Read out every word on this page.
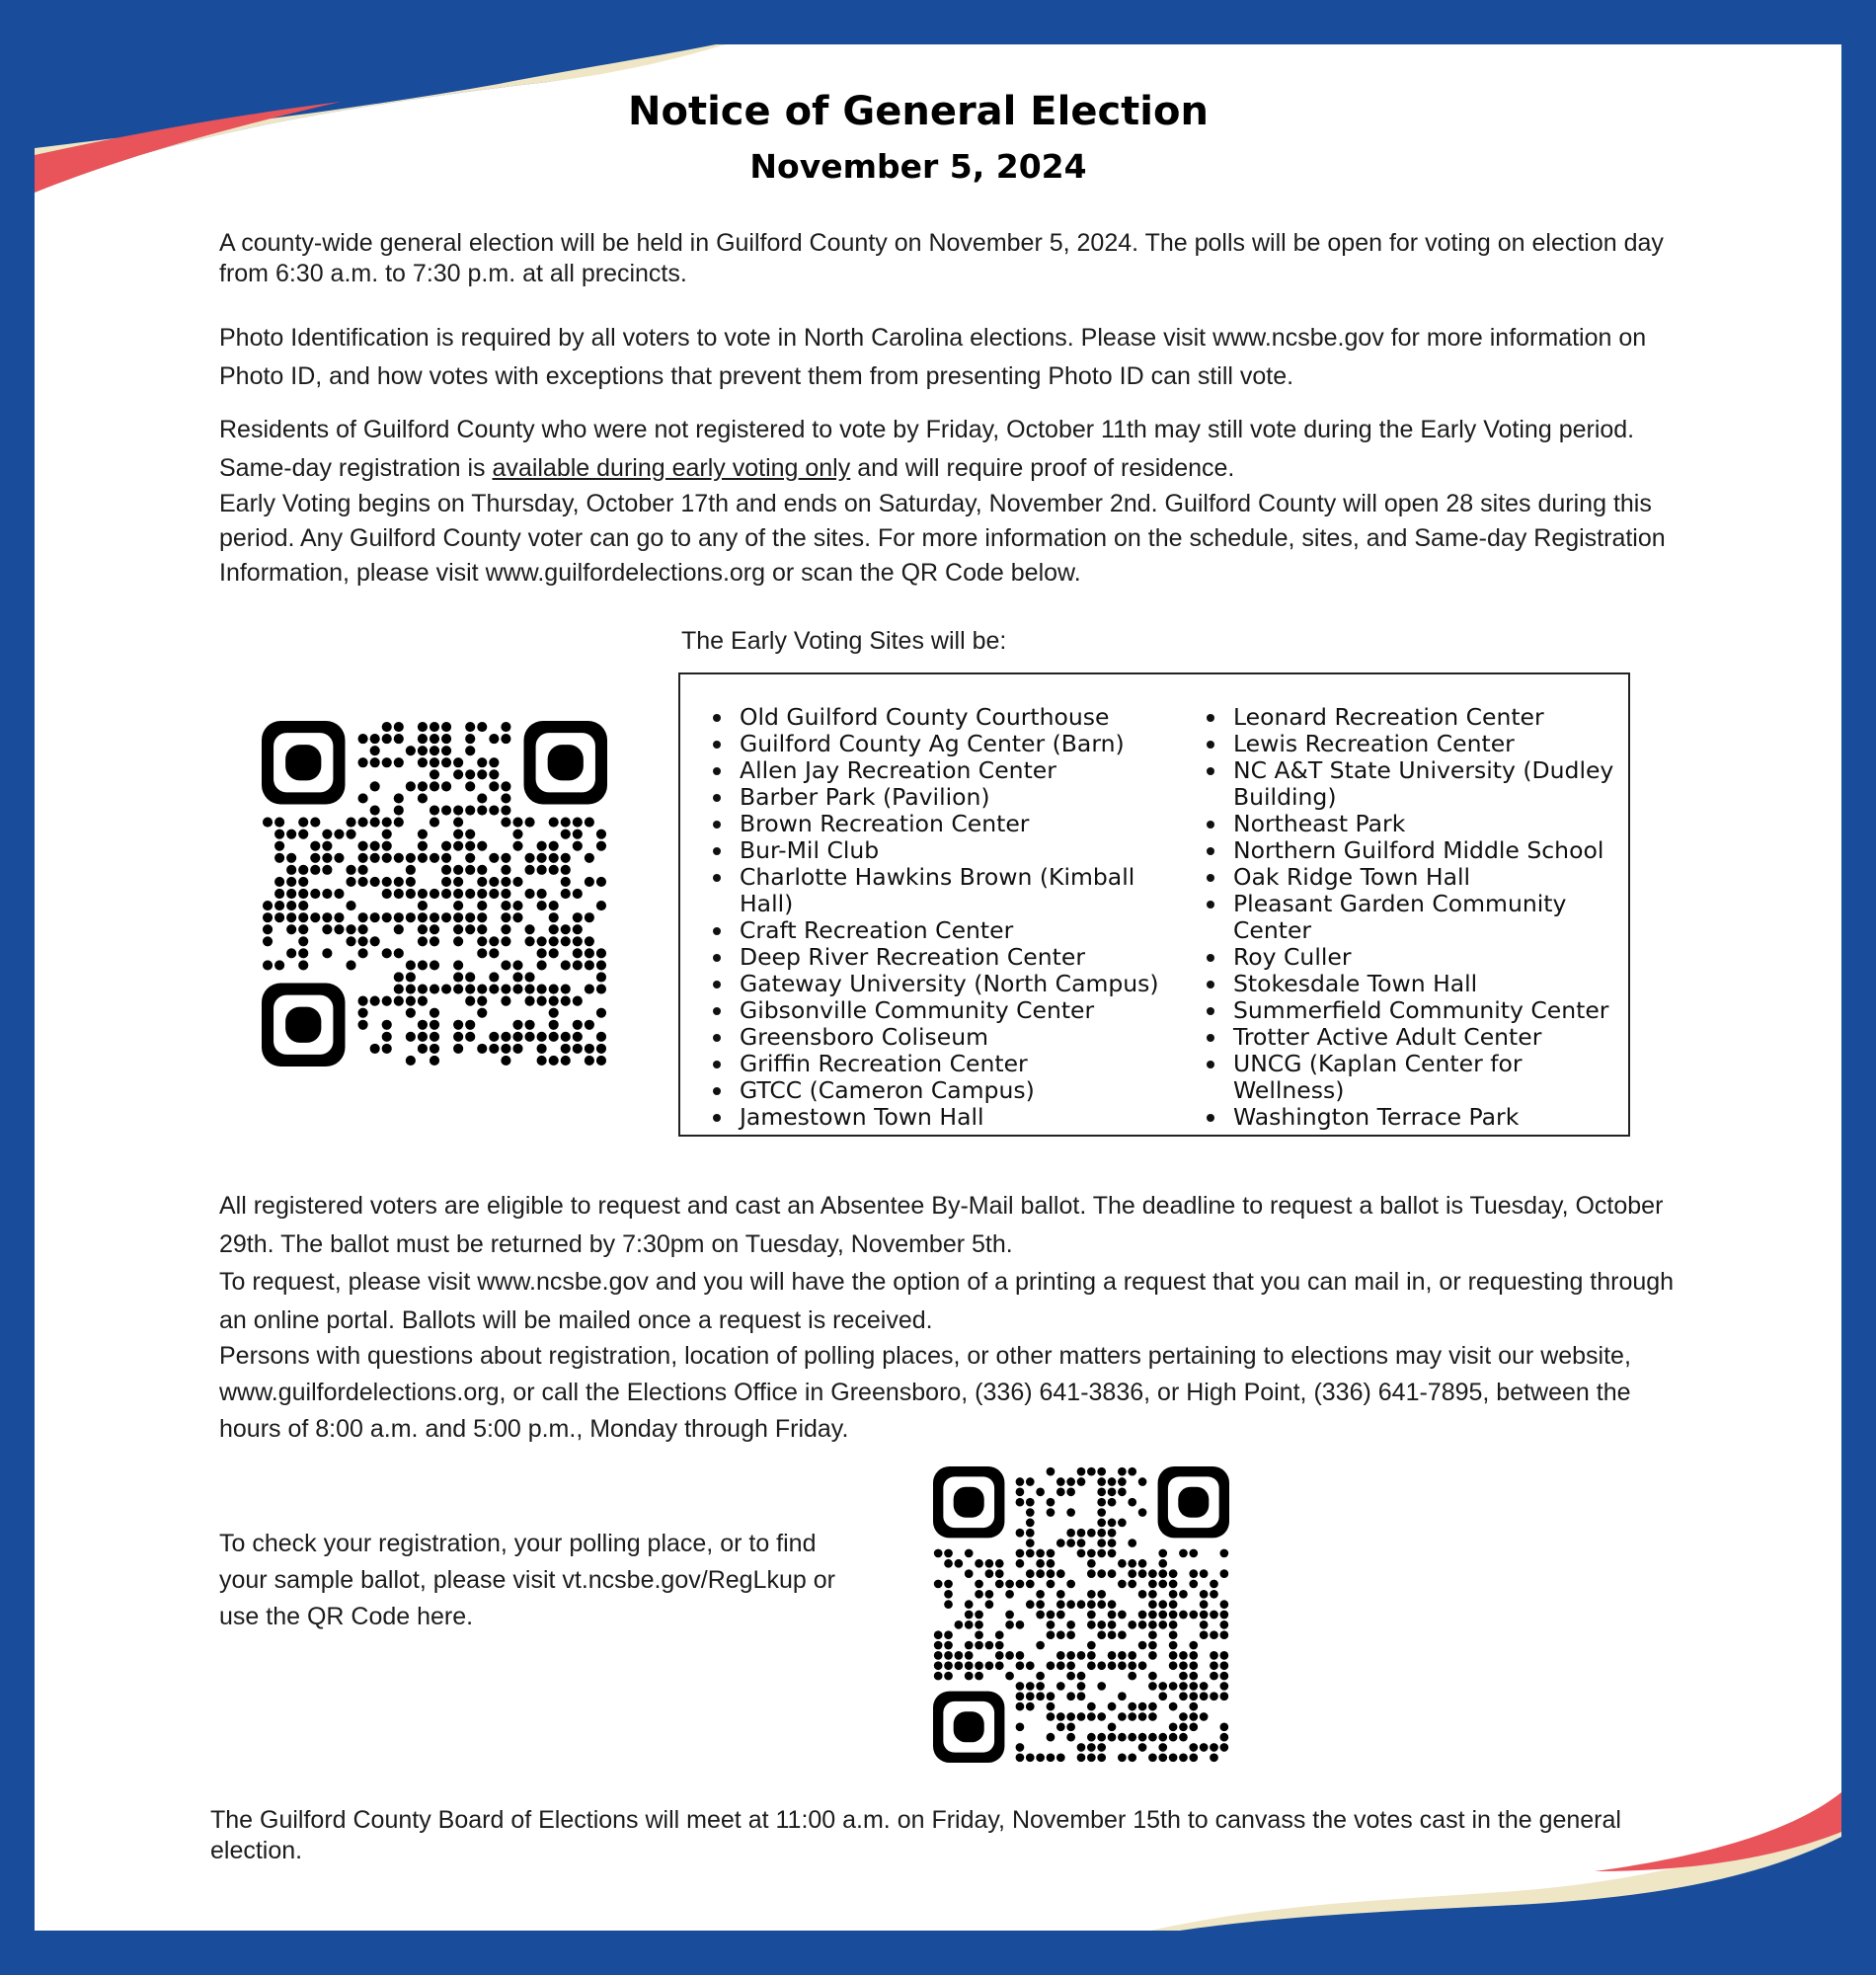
Notice of General Election
November 5, 2024
A county-wide general election will be held in Guilford County on November 5, 2024. The polls will be open for voting on election day from 6:30 a.m. to 7:30 p.m. at all precincts.
Photo Identification is required by all voters to vote in North Carolina elections. Please visit www.ncsbe.gov for more information on Photo ID, and how votes with exceptions that prevent them from presenting Photo ID can still vote.
Residents of Guilford County who were not registered to vote by Friday, October 11th may still vote during the Early Voting period. Same-day registration is available during early voting only and will require proof of residence.
Early Voting begins on Thursday, October 17th and ends on Saturday, November 2nd. Guilford County will open 28 sites during this period. Any Guilford County voter can go to any of the sites. For more information on the schedule, sites, and Same-day Registration Information, please visit www.guilfordelections.org or scan the QR Code below.
The Early Voting Sites will be:
Old Guilford County Courthouse
Guilford County Ag Center (Barn)
Allen Jay Recreation Center
Barber Park (Pavilion)
Brown Recreation Center
Bur-Mil Club
Charlotte Hawkins Brown (Kimball Hall)
Craft Recreation Center
Deep River Recreation Center
Gateway University (North Campus)
Gibsonville Community Center
Greensboro Coliseum
Griffin Recreation Center
GTCC (Cameron Campus)
Jamestown Town Hall
Leonard Recreation Center
Lewis Recreation Center
NC A&T State University (Dudley Building)
Northeast Park
Northern Guilford Middle School
Oak Ridge Town Hall
Pleasant Garden Community Center
Roy Culler
Stokesdale Town Hall
Summerfield Community Center
Trotter Active Adult Center
UNCG (Kaplan Center for Wellness)
Washington Terrace Park
All registered voters are eligible to request and cast an Absentee By-Mail ballot. The deadline to request a ballot is Tuesday, October 29th. The ballot must be returned by 7:30pm on Tuesday, November 5th.
To request, please visit www.ncsbe.gov and you will have the option of a printing a request that you can mail in, or requesting through an online portal. Ballots will be mailed once a request is received.
Persons with questions about registration, location of polling places, or other matters pertaining to elections may visit our website, www.guilfordelections.org, or call the Elections Office in Greensboro, (336) 641-3836, or High Point, (336) 641-7895, between the hours of 8:00 a.m. and 5:00 p.m., Monday through Friday.
To check your registration, your polling place, or to find your sample ballot, please visit vt.ncsbe.gov/RegLkup or use the QR Code here.
The Guilford County Board of Elections will meet at 11:00 a.m. on Friday, November 15th to canvass the votes cast in the general election.
